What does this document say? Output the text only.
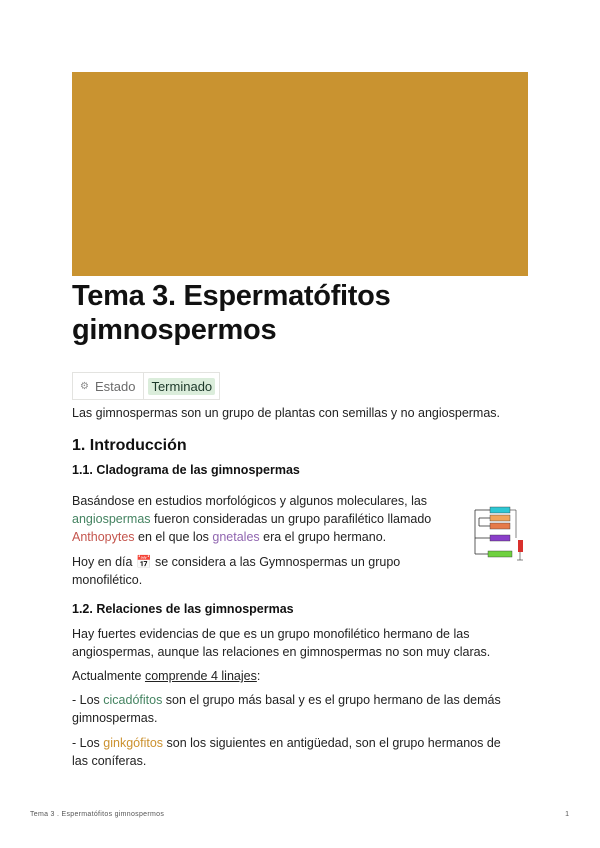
Tema 3. Espermatófitos gimnospermos
⚙ Estado Terminado
Las gimnospermas son un grupo de plantas con semillas y no angiospermas.
1. Introducción
1.1. Cladograma de las gimnospermas
Basándose en estudios morfológicos y algunos moleculares, las
angiospermas fueron consideradas un grupo parafilético llamado
Anthopytes en el que los gnetales era el grupo hermano.
Hoy en día 📅 se considera a las Gymnospermas un grupo
monofilético.
1.2. Relaciones de las gimnospermas
Hay fuertes evidencias de que es un grupo monofilético hermano de las
angiospermas, aunque las relaciones en gimnospermas no son muy claras.
Actualmente comprende 4 linajes:
- Los cicadófitos son el grupo más basal y es el grupo hermano de las demás
gimnospermas.
- Los ginkgófitos son los siguientes en antigüedad, son el grupo hermanos de
las coníferas.
Tema 3 . Espermatófitos gimnospermos	1
